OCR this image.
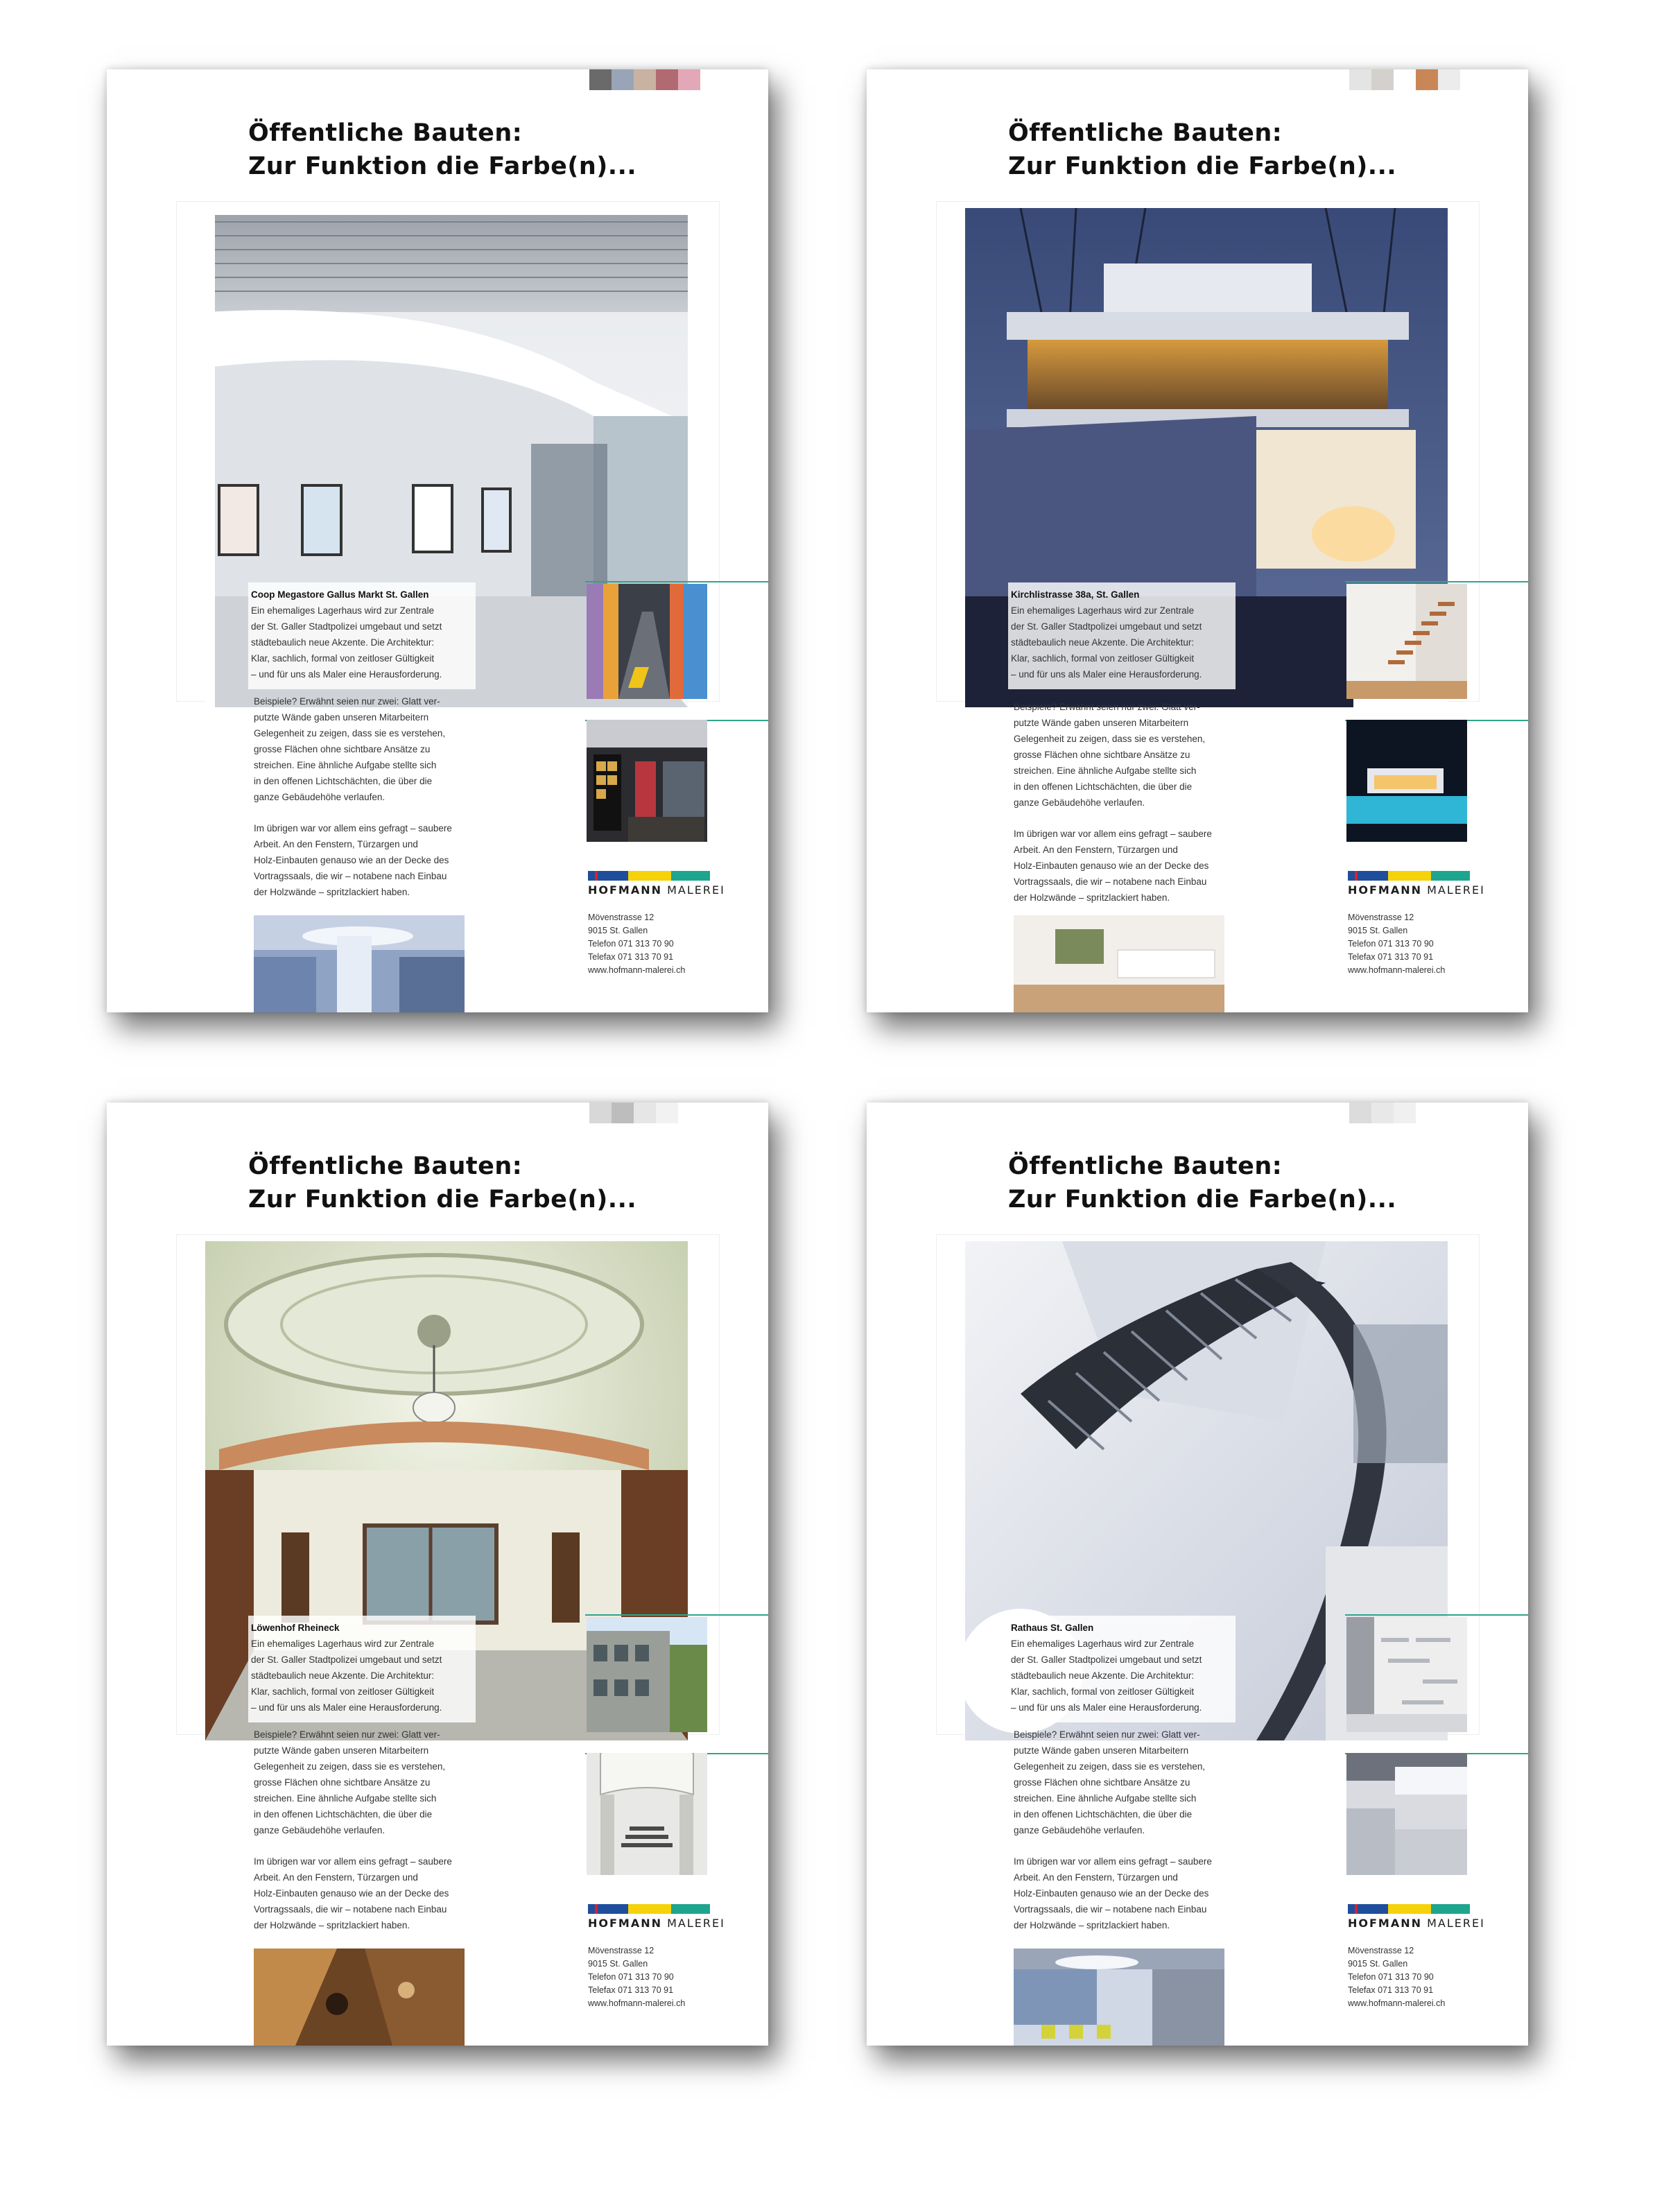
Öffentliche Bauten:
Zur Funktion die Farbe(n)...
Coop Megastore Gallus Markt St. Gallen
Ein ehemaliges Lagerhaus wird zur Zentrale
der St. Galler Stadtpolizei umgebaut und setzt
städtebaulich neue Akzente. Die Architektur:
Klar, sachlich, formal von zeitloser Gültigkeit
– und für uns als Maler eine Herausforderung.
Beispiele? Erwähnt seien nur zwei: Glatt ver-
putzte Wände gaben unseren Mitarbeitern
Gelegenheit zu zeigen, dass sie es verstehen,
grosse Flächen ohne sichtbare Ansätze zu
streichen. Eine ähnliche Aufgabe stellte sich
in den offenen Lichtschächten, die über die
ganze Gebäudehöhe verlaufen.
Im übrigen war vor allem eins gefragt – saubere
Arbeit. An den Fenstern, Türzargen und
Holz-Einbauten genauso wie an der Decke des
Vortragssaals, die wir – notabene nach Einbau
der Holzwände – spritzlackiert haben.	HOFMANN MALEREI
Mövenstrasse 12
9015 St. Gallen
Telefon 071 313 70 90
Telefax 071 313 70 91
www.hofmann-malerei.ch
Öffentliche Bauten:
Zur Funktion die Farbe(n)...
Kirchlistrasse 38a, St. Gallen
Ein ehemaliges Lagerhaus wird zur Zentrale
der St. Galler Stadtpolizei umgebaut und setzt
städtebaulich neue Akzente. Die Architektur:
Klar, sachlich, formal von zeitloser Gültigkeit
– und für uns als Maler eine Herausforderung.
Beispiele? Erwähnt seien nur zwei: Glatt ver-
putzte Wände gaben unseren Mitarbeitern
Gelegenheit zu zeigen, dass sie es verstehen,
grosse Flächen ohne sichtbare Ansätze zu
streichen. Eine ähnliche Aufgabe stellte sich
in den offenen Lichtschächten, die über die
ganze Gebäudehöhe verlaufen.
Im übrigen war vor allem eins gefragt – saubere
Arbeit. An den Fenstern, Türzargen und
Holz-Einbauten genauso wie an der Decke des
Vortragssaals, die wir – notabene nach Einbau
der Holzwände – spritzlackiert haben.
HOFMANN MALEREI
Mövenstrasse 12
9015 St. Gallen
Telefon 071 313 70 90
Telefax 071 313 70 91
www.hofmann-malerei.ch
Öffentliche Bauten:
Zur Funktion die Farbe(n)...
Löwenhof Rheineck
Ein ehemaliges Lagerhaus wird zur Zentrale
der St. Galler Stadtpolizei umgebaut und setzt
städtebaulich neue Akzente. Die Architektur:
Klar, sachlich, formal von zeitloser Gültigkeit
– und für uns als Maler eine Herausforderung.
Beispiele? Erwähnt seien nur zwei: Glatt ver-
putzte Wände gaben unseren Mitarbeitern
Gelegenheit zu zeigen, dass sie es verstehen,
grosse Flächen ohne sichtbare Ansätze zu
streichen. Eine ähnliche Aufgabe stellte sich
in den offenen Lichtschächten, die über die
ganze Gebäudehöhe verlaufen.
Im übrigen war vor allem eins gefragt – saubere
Arbeit. An den Fenstern, Türzargen und
Holz-Einbauten genauso wie an der Decke des
Vortragssaals, die wir – notabene nach Einbau
der Holzwände – spritzlackiert haben.	HOFMANN MALEREI
Mövenstrasse 12
9015 St. Gallen
Telefon 071 313 70 90
Telefax 071 313 70 91
www.hofmann-malerei.ch
Öffentliche Bauten:
Zur Funktion die Farbe(n)...
Rathaus St. Gallen
Ein ehemaliges Lagerhaus wird zur Zentrale
der St. Galler Stadtpolizei umgebaut und setzt
städtebaulich neue Akzente. Die Architektur:
Klar, sachlich, formal von zeitloser Gültigkeit
– und für uns als Maler eine Herausforderung.
Beispiele? Erwähnt seien nur zwei: Glatt ver-
putzte Wände gaben unseren Mitarbeitern
Gelegenheit zu zeigen, dass sie es verstehen,
grosse Flächen ohne sichtbare Ansätze zu
streichen. Eine ähnliche Aufgabe stellte sich
in den offenen Lichtschächten, die über die
ganze Gebäudehöhe verlaufen.
Im übrigen war vor allem eins gefragt – saubere
Arbeit. An den Fenstern, Türzargen und
Holz-Einbauten genauso wie an der Decke des
Vortragssaals, die wir – notabene nach Einbau
der Holzwände – spritzlackiert haben.	HOFMANN MALEREI
Mövenstrasse 12
9015 St. Gallen
Telefon 071 313 70 90
Telefax 071 313 70 91
www.hofmann-malerei.ch
